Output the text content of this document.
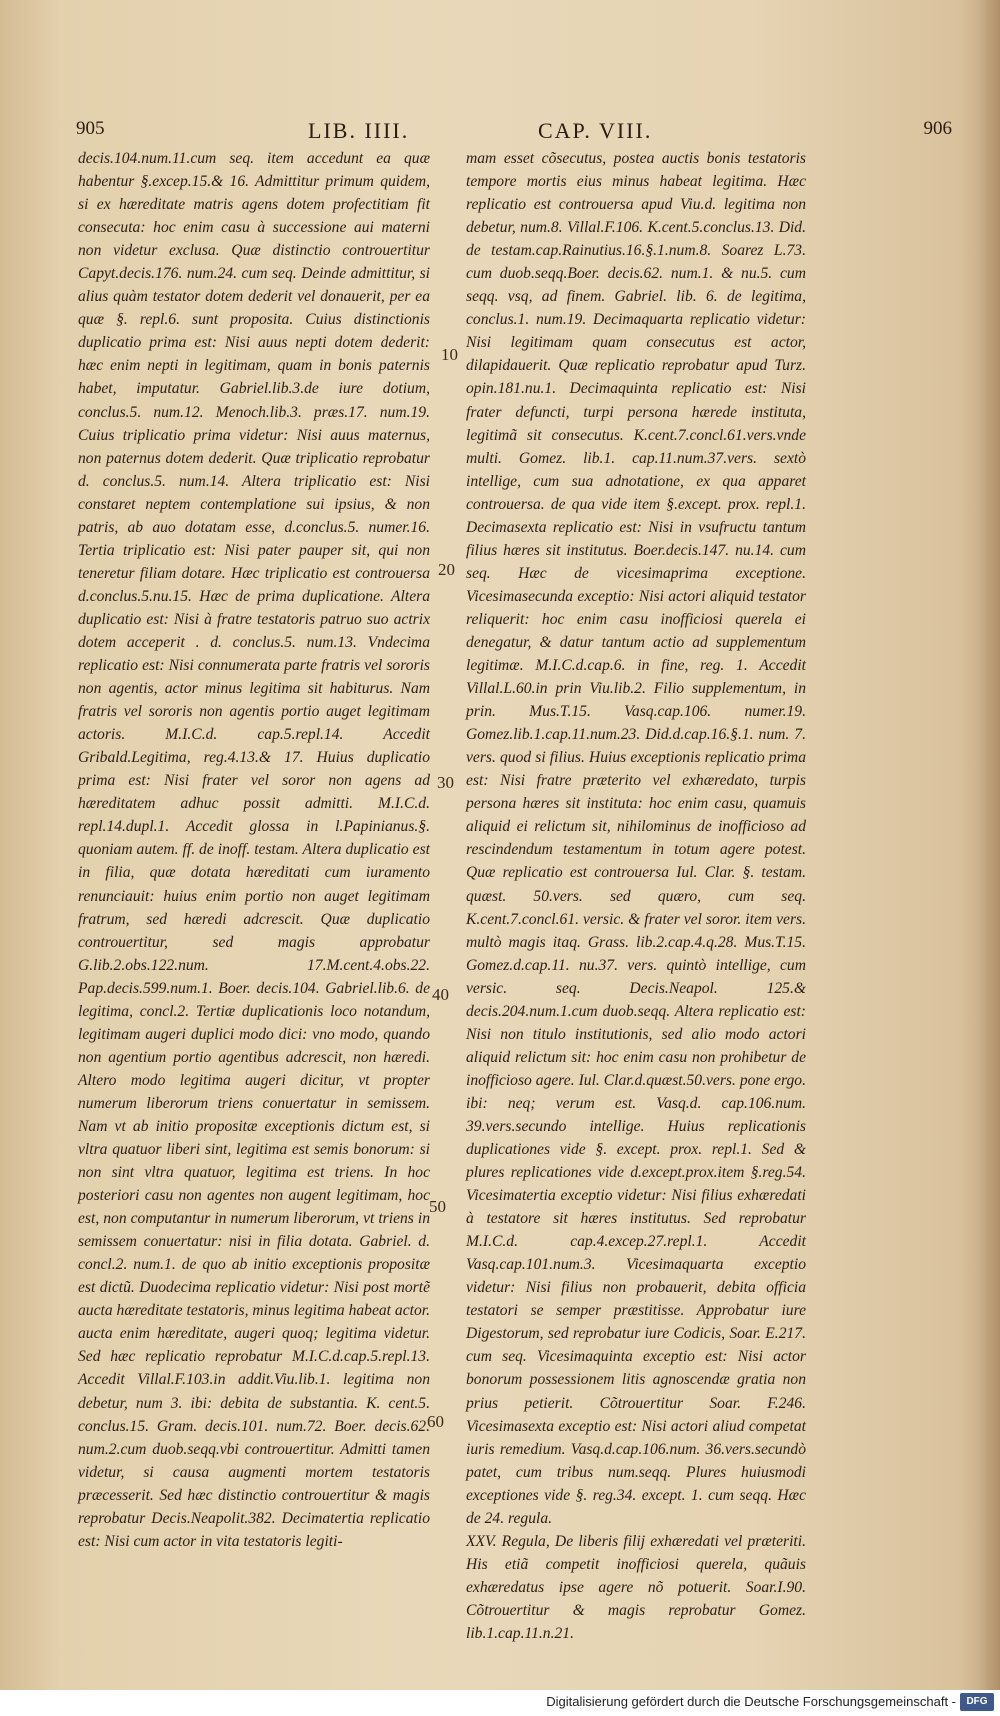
905	LIB. IIII.	CAP. VIII.	906

decis.104.num.11.cum seq. item accedunt ea quæ habentur §.excep.15.& 16. Admittitur primum quidem, si ex hæreditate matris agens dotem profectitiam fit consecuta: hoc enim casu à successione aui materni non videtur exclusa. Quæ distinctio controuertitur Capyt.decis.176. num.24. cum seq. Deinde admittitur, si alius quàm testator dotem dederit vel donauerit, per ea quæ §. repl.6. sunt proposita. Cuius distinctionis duplicatio prima est: Nisi auus nepti dotem dederit: hæc enim nepti in legitimam, quam in bonis paternis habet, imputatur. Gabriel.lib.3.de iure dotium, conclus.5. num.12. Menoch.lib.3. præs.17. num.19. Cuius triplicatio prima videtur: Nisi auus maternus, non paternus dotem dederit. Quæ triplicatio reprobatur d. conclus.5. num.14. Altera triplicatio est: Nisi constaret neptem contemplatione sui ipsius, & non patris, ab auo dotatam esse, d.conclus.5. numer.16. Tertia triplicatio est: Nisi pater pauper sit, qui non teneretur filiam dotare. Hæc triplicatio est controuersa d.conclus.5.nu.15. Hæc de prima duplicatione. Altera duplicatio est: Nisi à fratre testatoris patruo suo actrix dotem acceperit . d. conclus.5. num.13. Vndecima replicatio est: Nisi connumerata parte fratris vel sororis non agentis, actor minus legitima sit habiturus. Nam fratris vel sororis non agentis portio auget legitimam actoris. M.I.C.d. cap.5.repl.14. Accedit Gribald.Legitima, reg.4.13.& 17. Huius duplicatio prima est: Nisi frater vel soror non agens ad hæreditatem adhuc possit admitti. M.I.C.d. repl.14.dupl.1. Accedit glossa in l.Papinianus.§. quoniam autem. ff. de inoff. testam. Altera duplicatio est in filia, quæ dotata hæreditati cum iuramento renunciauit: huius enim portio non auget legitimam fratrum, sed hæredi adcrescit. Quæ duplicatio controuertitur, sed magis approbatur G.lib.2.obs.122.num. 17.M.cent.4.obs.22. Pap.decis.599.num.1. Boer. decis.104. Gabriel.lib.6. de legitima, concl.2. Tertiæ duplicationis loco notandum, legitimam augeri duplici modo dici: vno modo, quando non agentium portio agentibus adcrescit, non hæredi. Altero modo legitima augeri dicitur, vt propter numerum liberorum triens conuertatur in semissem. Nam vt ab initio propositæ exceptionis dictum est, si vltra quatuor liberi sint, legitima est semis bonorum: si non sint vltra quatuor, legitima est triens. In hoc posteriori casu non agentes non augent legitimam, hoc est, non computantur in numerum liberorum, vt triens in semissem conuertatur: nisi in filia dotata. Gabriel. d. concl.2. num.1. de quo ab initio exceptionis propositæ est dictũ. Duodecima replicatio videtur: Nisi post mortẽ aucta hæreditate testatoris, minus legitima habeat actor. aucta enim hæreditate, augeri quoq; legitima videtur. Sed hæc replicatio reprobatur M.I.C.d.cap.5.repl.13. Accedit Villal.F.103.in addit.Viu.lib.1. legitima non debetur, num 3. ibi: debita de substantia. K. cent.5. conclus.15. Gram. decis.101. num.72. Boer. decis.62. num.2.cum duob.seqq.vbi controuertitur. Admitti tamen videtur, si causa augmenti mortem testatoris præcesserit. Sed hæc distinctio controuertitur & magis reprobatur Decis.Neapolit.382. Decimatertia replicatio est: Nisi cum actor in vita testatoris legiti-

10
20
30
40
50
60

mam esset cõsecutus, postea auctis bonis testatoris tempore mortis eius minus habeat legitima. Hæc replicatio est controuersa apud Viu.d. legitima non debetur, num.8. Villal.F.106. K.cent.5.conclus.13. Did. de testam.cap.Rainutius.16.§.1.num.8. Soarez L.73. cum duob.seqq.Boer. decis.62. num.1. & nu.5. cum seqq. vsq, ad finem. Gabriel. lib. 6. de legitima, conclus.1. num.19. Decimaquarta replicatio videtur: Nisi legitimam quam consecutus est actor, dilapidauerit. Quæ replicatio reprobatur apud Turz. opin.181.nu.1. Decimaquinta replicatio est: Nisi frater defuncti, turpi persona hærede instituta, legitimã sit consecutus. K.cent.7.concl.61.vers.vnde multi. Gomez. lib.1. cap.11.num.37.vers. sextò intellige, cum sua adnotatione, ex qua apparet controuersa. de qua vide item §.except. prox. repl.1. Decimasexta replicatio est: Nisi in vsufructu tantum filius hæres sit institutus. Boer.decis.147. nu.14. cum seq. Hæc de vicesimaprima exceptione. Vicesimasecunda exceptio: Nisi actori aliquid testator reliquerit: hoc enim casu inofficiosi querela ei denegatur, & datur tantum actio ad supplementum legitimæ. M.I.C.d.cap.6. in fine, reg. 1. Accedit Villal.L.60.in prin Viu.lib.2. Filio supplementum, in prin. Mus.T.15. Vasq.cap.106. numer.19. Gomez.lib.1.cap.11.num.23. Did.d.cap.16.§.1. num. 7. vers. quod si filius. Huius exceptionis replicatio prima est: Nisi fratre præterito vel exhæredato, turpis persona hæres sit instituta: hoc enim casu, quamuis aliquid ei relictum sit, nihilominus de inofficioso ad rescindendum testamentum in totum agere potest. Quæ replicatio est controuersa Iul. Clar. §. testam. quæst. 50.vers. sed quæro, cum seq. K.cent.7.concl.61. versic. & frater vel soror. item vers. multò magis itaq. Grass. lib.2.cap.4.q.28. Mus.T.15. Gomez.d.cap.11. nu.37. vers. quintò intellige, cum versic. seq. Decis.Neapol. 125.& decis.204.num.1.cum duob.seqq. Altera replicatio est: Nisi non titulo institutionis, sed alio modo actori aliquid relictum sit: hoc enim casu non prohibetur de inofficioso agere. Iul. Clar.d.quæst.50.vers. pone ergo. ibi: neq; verum est. Vasq.d. cap.106.num. 39.vers.secundo intellige. Huius replicationis duplicationes vide §. except. prox. repl.1. Sed & plures replicationes vide d.except.prox.item §.reg.54. Vicesimatertia exceptio videtur: Nisi filius exhæredati à testatore sit hæres institutus. Sed reprobatur M.I.C.d. cap.4.excep.27.repl.1. Accedit Vasq.cap.101.num.3. Vicesimaquarta exceptio videtur: Nisi filius non probauerit, debita officia testatori se semper præstitisse. Approbatur iure Digestorum, sed reprobatur iure Codicis, Soar. E.217. cum seq. Vicesimaquinta exceptio est: Nisi actor bonorum possessionem litis agnoscendæ gratia non prius petierit. Cõtrouertitur Soar. F.246. Vicesimasexta exceptio est: Nisi actori aliud competat iuris remedium. Vasq.d.cap.106.num. 36.vers.secundò patet, cum tribus num.seqq. Plures huiusmodi exceptiones vide §. reg.34. except. 1. cum seqq. Hæc de 24. regula.

XXV. Regula, De liberis filij exhæredati vel præteriti. His etiã competit inofficiosi querela, quãuis exhæredatus ipse agere nõ potuerit. Soar.I.90. Cõtrouertitur & magis reprobatur Gomez. lib.1.cap.11.n.21.

Digitalisierung gefördert durch die Deutsche Forschungsgemeinschaft -	DFG
